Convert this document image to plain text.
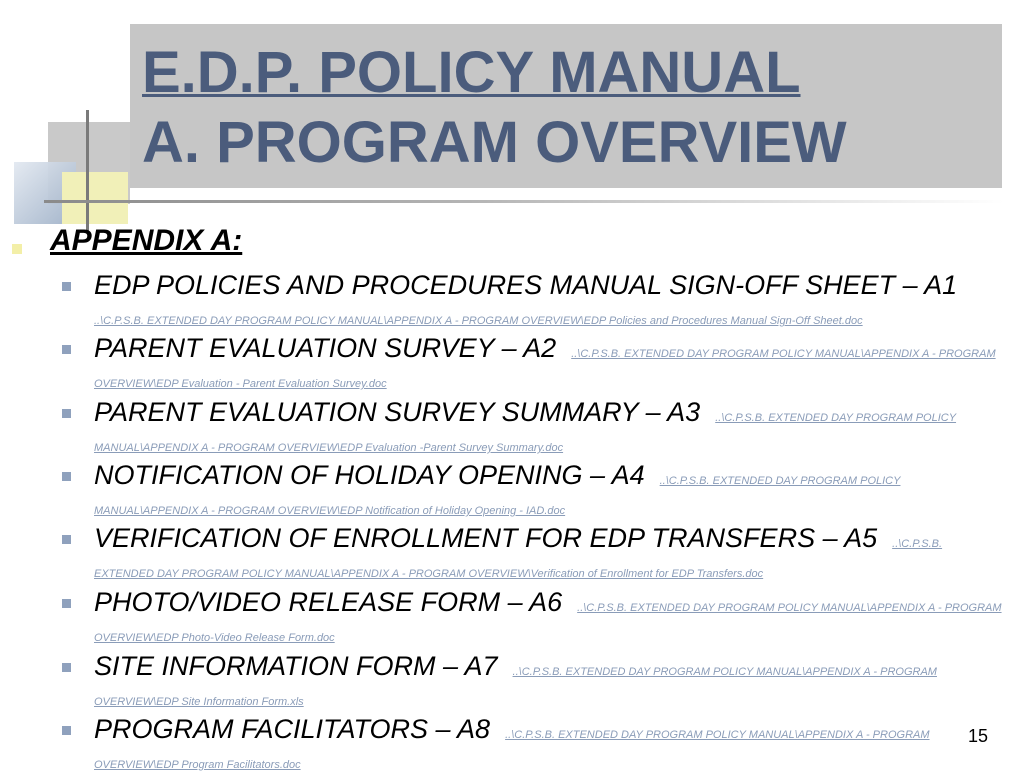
E.D.P. POLICY MANUAL
A. PROGRAM OVERVIEW
APPENDIX A:
EDP POLICIES AND PROCEDURES MANUAL SIGN-OFF SHEET – A1
..\C.P.S.B. EXTENDED DAY PROGRAM POLICY MANUAL\APPENDIX A - PROGRAM OVERVIEW\EDP Policies and Procedures Manual Sign-Off Sheet.doc
PARENT EVALUATION SURVEY – A2 ..\C.P.S.B. EXTENDED DAY PROGRAM POLICY MANUAL\APPENDIX A - PROGRAM OVERVIEW\EDP Evaluation - Parent Evaluation Survey.doc
PARENT EVALUATION SURVEY SUMMARY – A3 ..\C.P.S.B. EXTENDED DAY PROGRAM POLICY MANUAL\APPENDIX A - PROGRAM OVERVIEW\EDP Evaluation -Parent Survey Summary.doc
NOTIFICATION OF HOLIDAY OPENING – A4 ..\C.P.S.B. EXTENDED DAY PROGRAM POLICY MANUAL\APPENDIX A - PROGRAM OVERVIEW\EDP Notification of Holiday Opening - IAD.doc
VERIFICATION OF ENROLLMENT FOR EDP TRANSFERS – A5 ..\C.P.S.B. EXTENDED DAY PROGRAM POLICY MANUAL\APPENDIX A - PROGRAM OVERVIEW\Verification of Enrollment for EDP Transfers.doc
PHOTO/VIDEO RELEASE FORM – A6 ..\C.P.S.B. EXTENDED DAY PROGRAM POLICY MANUAL\APPENDIX A - PROGRAM OVERVIEW\EDP Photo-Video Release Form.doc
SITE INFORMATION FORM – A7 ..\C.P.S.B. EXTENDED DAY PROGRAM POLICY MANUAL\APPENDIX A - PROGRAM OVERVIEW\EDP Site Information Form.xls
PROGRAM FACILITATORS – A8 ..\C.P.S.B. EXTENDED DAY PROGRAM POLICY MANUAL\APPENDIX A - PROGRAM OVERVIEW\EDP Program Facilitators.doc
15
